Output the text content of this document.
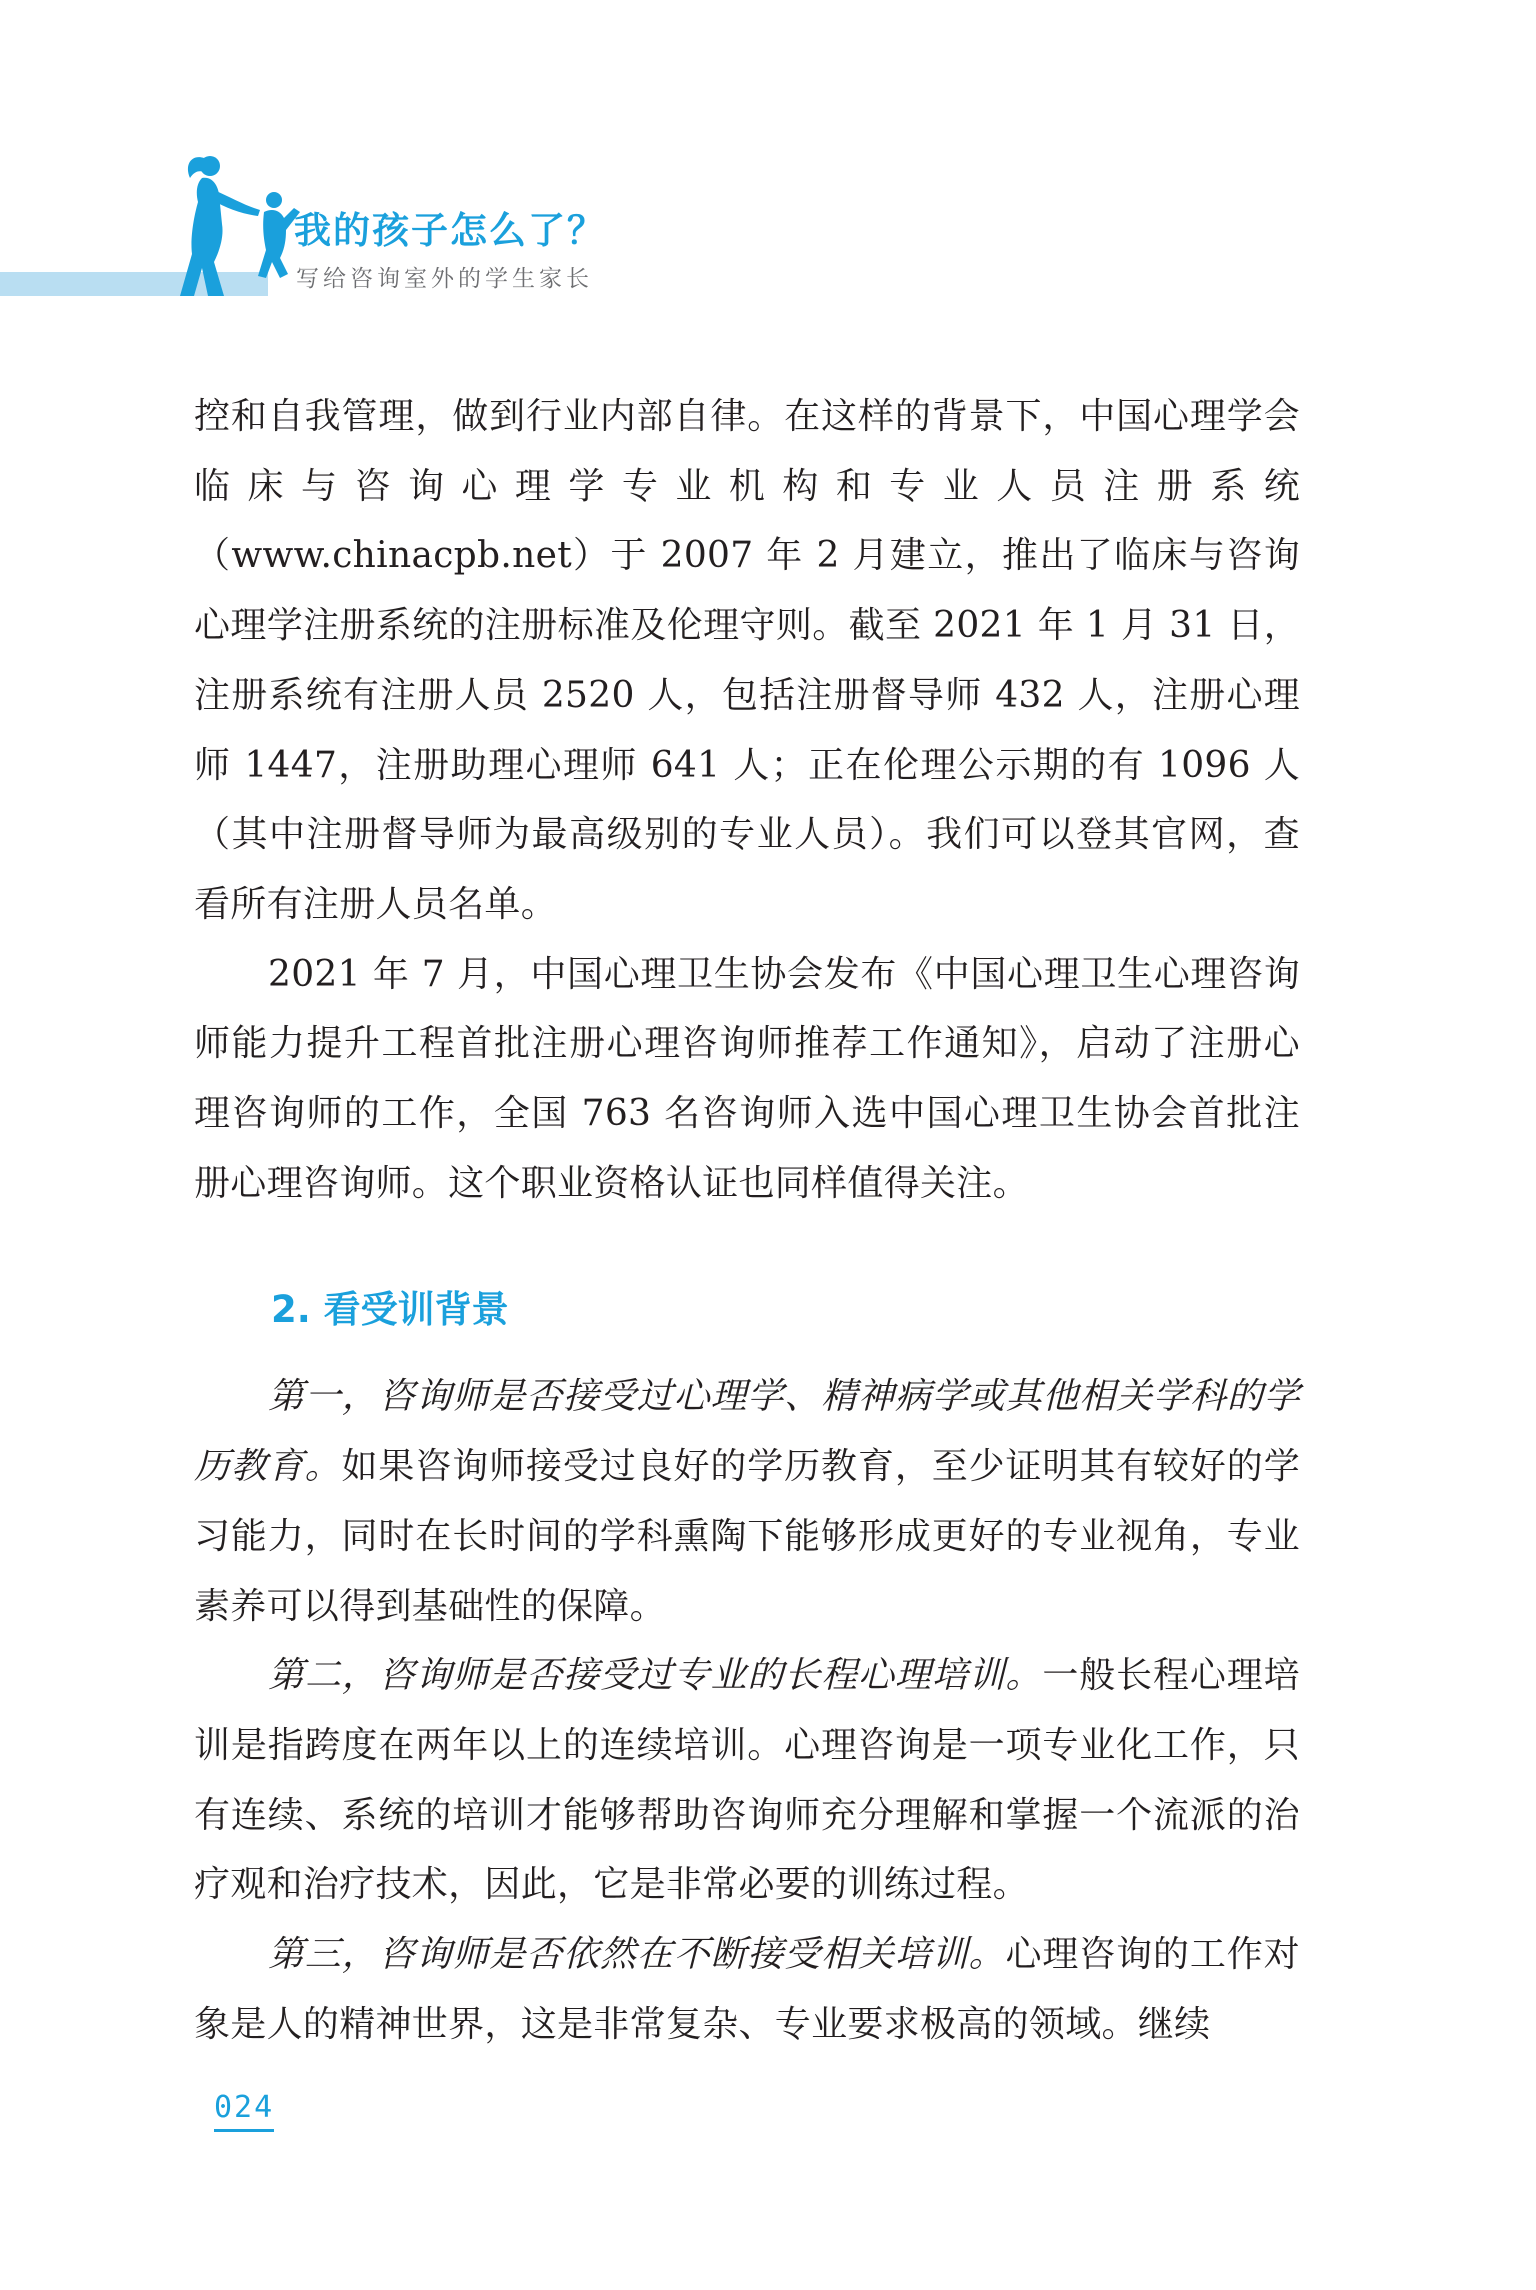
我的孩子怎么了？
写给咨询室外的学生家长

控和自我管理，做到行业内部自律。在这样的背景下，中国心理学会临床与咨询心理学专业机构和专业人员注册系统（www.chinacpb.net）于 2007 年 2 月建立，推出了临床与咨询心理学注册系统的注册标准及伦理守则。截至 2021 年 1 月 31 日，注册系统有注册人员 2520 人，包括注册督导师 432 人，注册心理师 1447，注册助理心理师 641 人；正在伦理公示期的有 1096 人（其中注册督导师为最高级别的专业人员）。我们可以登其官网，查看所有注册人员名单。

2021 年 7 月，中国心理卫生协会发布《中国心理卫生心理咨询师能力提升工程首批注册心理咨询师推荐工作通知》，启动了注册心理咨询师的工作，全国 763 名咨询师入选中国心理卫生协会首批注册心理咨询师。这个职业资格认证也同样值得关注。

2. 看受训背景

第一，咨询师是否接受过心理学、精神病学或其他相关学科的学历教育。如果咨询师接受过良好的学历教育，至少证明其有较好的学习能力，同时在长时间的学科熏陶下能够形成更好的专业视角，专业素养可以得到基础性的保障。

第二，咨询师是否接受过专业的长程心理培训。一般长程心理培训是指跨度在两年以上的连续培训。心理咨询是一项专业化工作，只有连续、系统的培训才能够帮助咨询师充分理解和掌握一个流派的治疗观和治疗技术，因此，它是非常必要的训练过程。

第三，咨询师是否依然在不断接受相关培训。心理咨询的工作对象是人的精神世界，这是非常复杂、专业要求极高的领域。继续

024
